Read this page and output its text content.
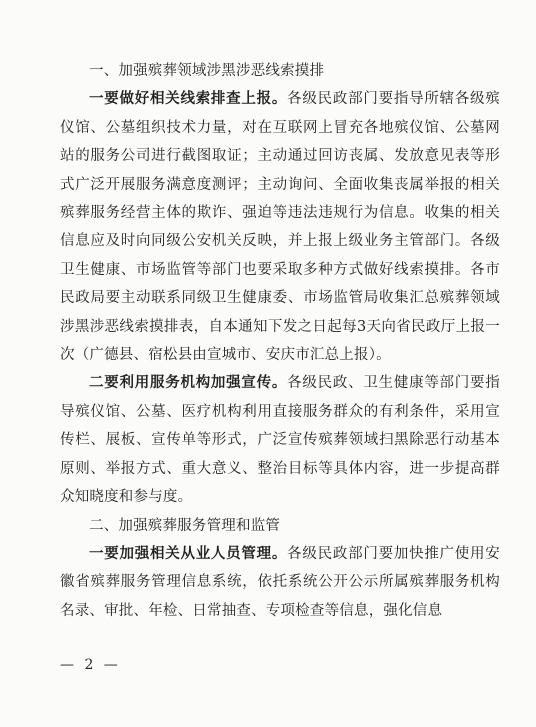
一、加强殡葬领域涉黑涉恶线索摸排

一要做好相关线索排查上报。各级民政部门要指导所辖各级殡仪馆、公墓组织技术力量，对在互联网上冒充各地殡仪馆、公墓网站的服务公司进行截图取证；主动通过回访丧属、发放意见表等形式广泛开展服务满意度测评；主动询问、全面收集丧属举报的相关殡葬服务经营主体的欺诈、强迫等违法违规行为信息。收集的相关信息应及时向同级公安机关反映，并上报上级业务主管部门。各级卫生健康、市场监管等部门也要采取多种方式做好线索摸排。各市民政局要主动联系同级卫生健康委、市场监管局收集汇总殡葬领域涉黑涉恶线索摸排表，自本通知下发之日起每3天向省民政厅上报一次（广德县、宿松县由宣城市、安庆市汇总上报）。

二要利用服务机构加强宣传。各级民政、卫生健康等部门要指导殡仪馆、公墓、医疗机构利用直接服务群众的有利条件，采用宣传栏、展板、宣传单等形式，广泛宣传殡葬领域扫黑除恶行动基本原则、举报方式、重大意义、整治目标等具体内容，进一步提高群众知晓度和参与度。

二、加强殡葬服务管理和监管

一要加强相关从业人员管理。各级民政部门要加快推广使用安徽省殡葬服务管理信息系统，依托系统公开公示所属殡葬服务机构名录、审批、年检、日常抽查、专项检查等信息，强化信息

— 2 —
